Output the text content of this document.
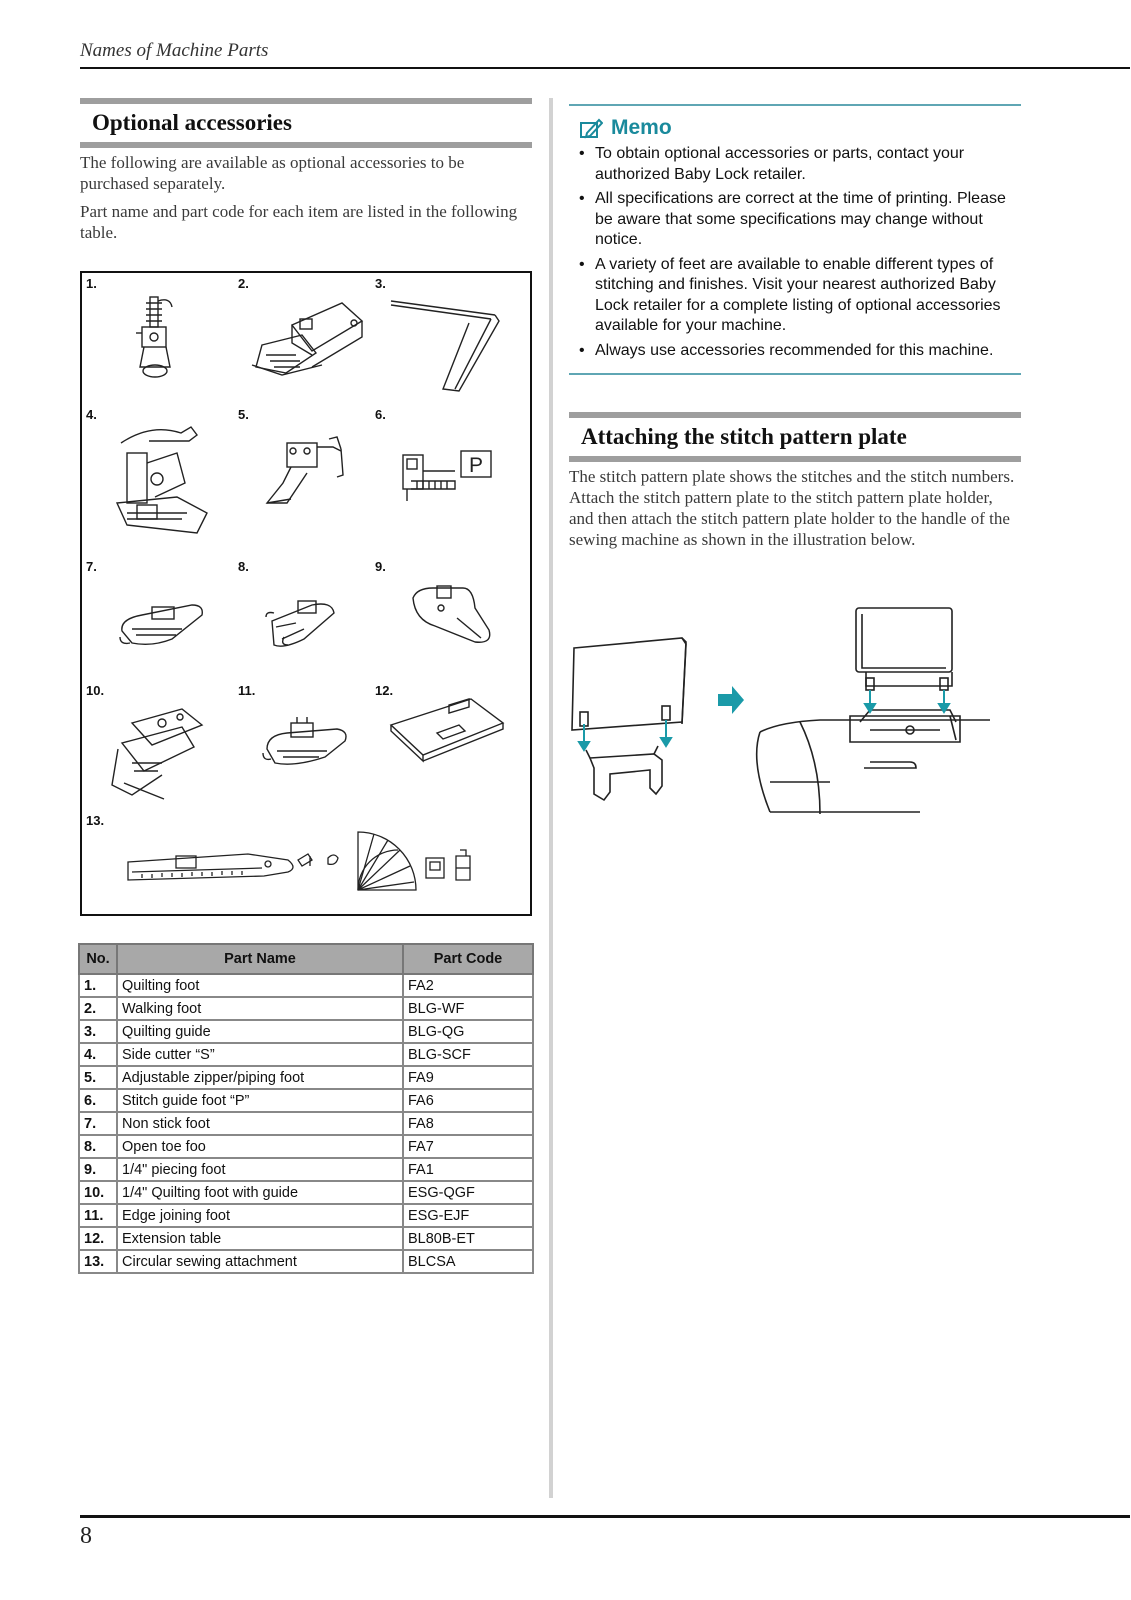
Names of Machine Parts
Optional accessories
The following are available as optional accessories to be purchased separately.
Part name and part code for each item are listed in the following table.
1.	2.	3.
4.	5.	6.
7.	8.	9.
10.	11.	12.
13.
P
No.	Part Name	Part Code
1.	Quilting foot	FA2
2.	Walking foot	BLG-WF
3.	Quilting guide	BLG-QG
4.	Side cutter “S”	BLG-SCF
5.	Adjustable zipper/piping foot	FA9
6.	Stitch guide foot “P”	FA6
7.	Non stick foot	FA8
8.	Open toe foo	FA7
9.	1/4" piecing foot	FA1
10.	1/4" Quilting foot with guide	ESG-QGF
11.	Edge joining foot	ESG-EJF
12.	Extension table	BL80B-ET
13.	Circular sewing attachment	BLCSA
Memo
• To obtain optional accessories or parts, contact your authorized Baby Lock retailer.
• All specifications are correct at the time of printing. Please be aware that some specifications may change without notice.
• A variety of feet are available to enable different types of stitching and finishes. Visit your nearest authorized Baby Lock retailer for a complete listing of optional accessories available for your machine.
• Always use accessories recommended for this machine.
Attaching the stitch pattern plate
The stitch pattern plate shows the stitches and the stitch numbers. Attach the stitch pattern plate to the stitch pattern plate holder, and then attach the stitch pattern plate holder to the handle of the sewing machine as shown in the illustration below.
8
